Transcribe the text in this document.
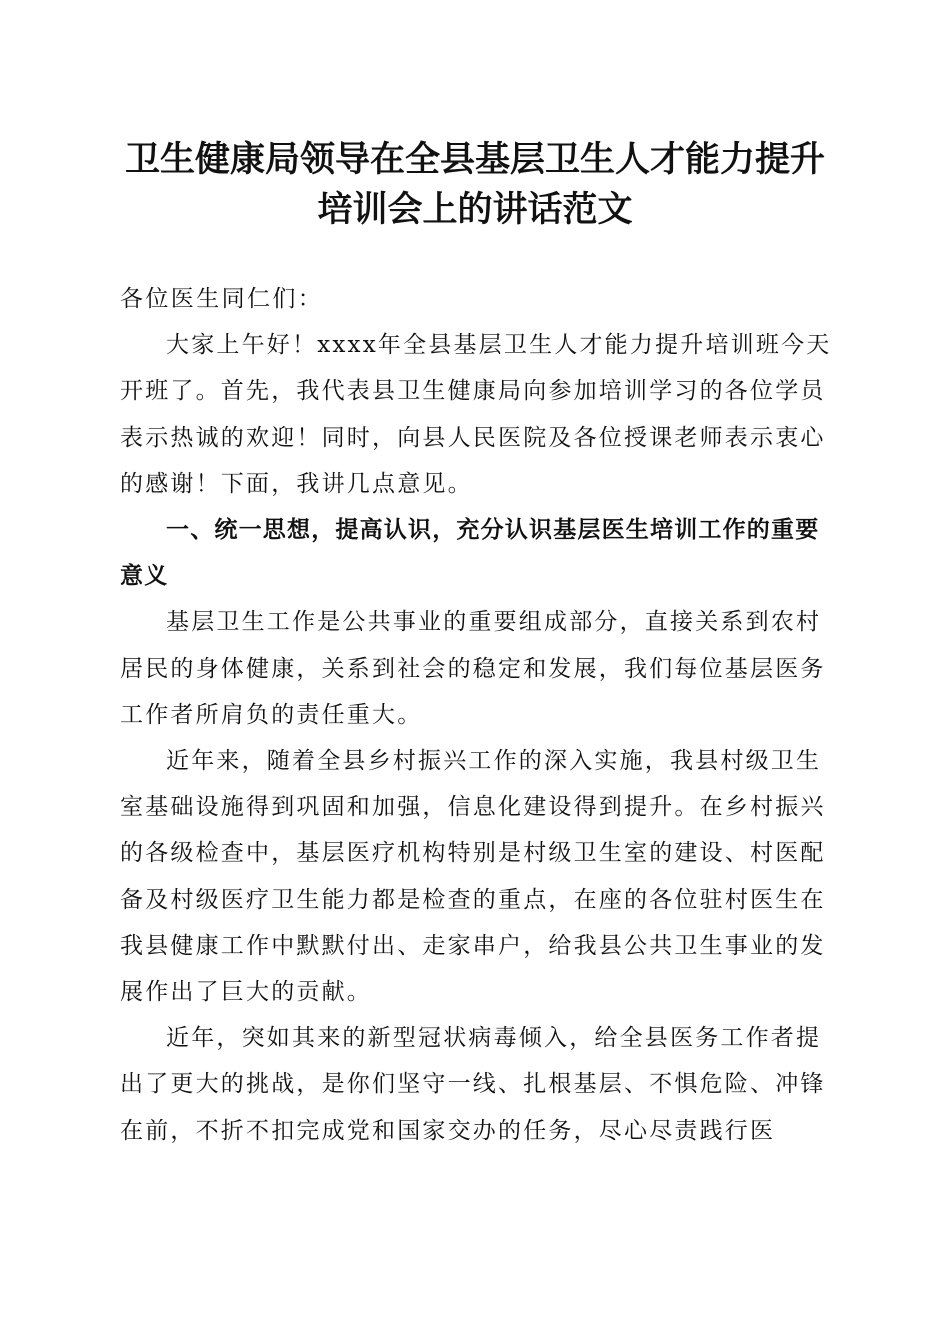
卫生健康局领导在全县基层卫生人才能力提升
培训会上的讲话范文

各位医生同仁们：

大家上午好！xxxx年全县基层卫生人才能力提升培训班今天开班了。首先，我代表县卫生健康局向参加培训学习的各位学员表示热诚的欢迎！同时，向县人民医院及各位授课老师表示衷心的感谢！下面，我讲几点意见。

一、统一思想，提高认识，充分认识基层医生培训工作的重要意义

基层卫生工作是公共事业的重要组成部分，直接关系到农村居民的身体健康，关系到社会的稳定和发展，我们每位基层医务工作者所肩负的责任重大。

近年来，随着全县乡村振兴工作的深入实施，我县村级卫生室基础设施得到巩固和加强，信息化建设得到提升。在乡村振兴的各级检查中，基层医疗机构特别是村级卫生室的建设、村医配备及村级医疗卫生能力都是检查的重点，在座的各位驻村医生在我县健康工作中默默付出、走家串户，给我县公共卫生事业的发展作出了巨大的贡献。

近年，突如其来的新型冠状病毒倾入，给全县医务工作者提出了更大的挑战，是你们坚守一线、扎根基层、不惧危险、冲锋在前，不折不扣完成党和国家交办的任务，尽心尽责践行医
